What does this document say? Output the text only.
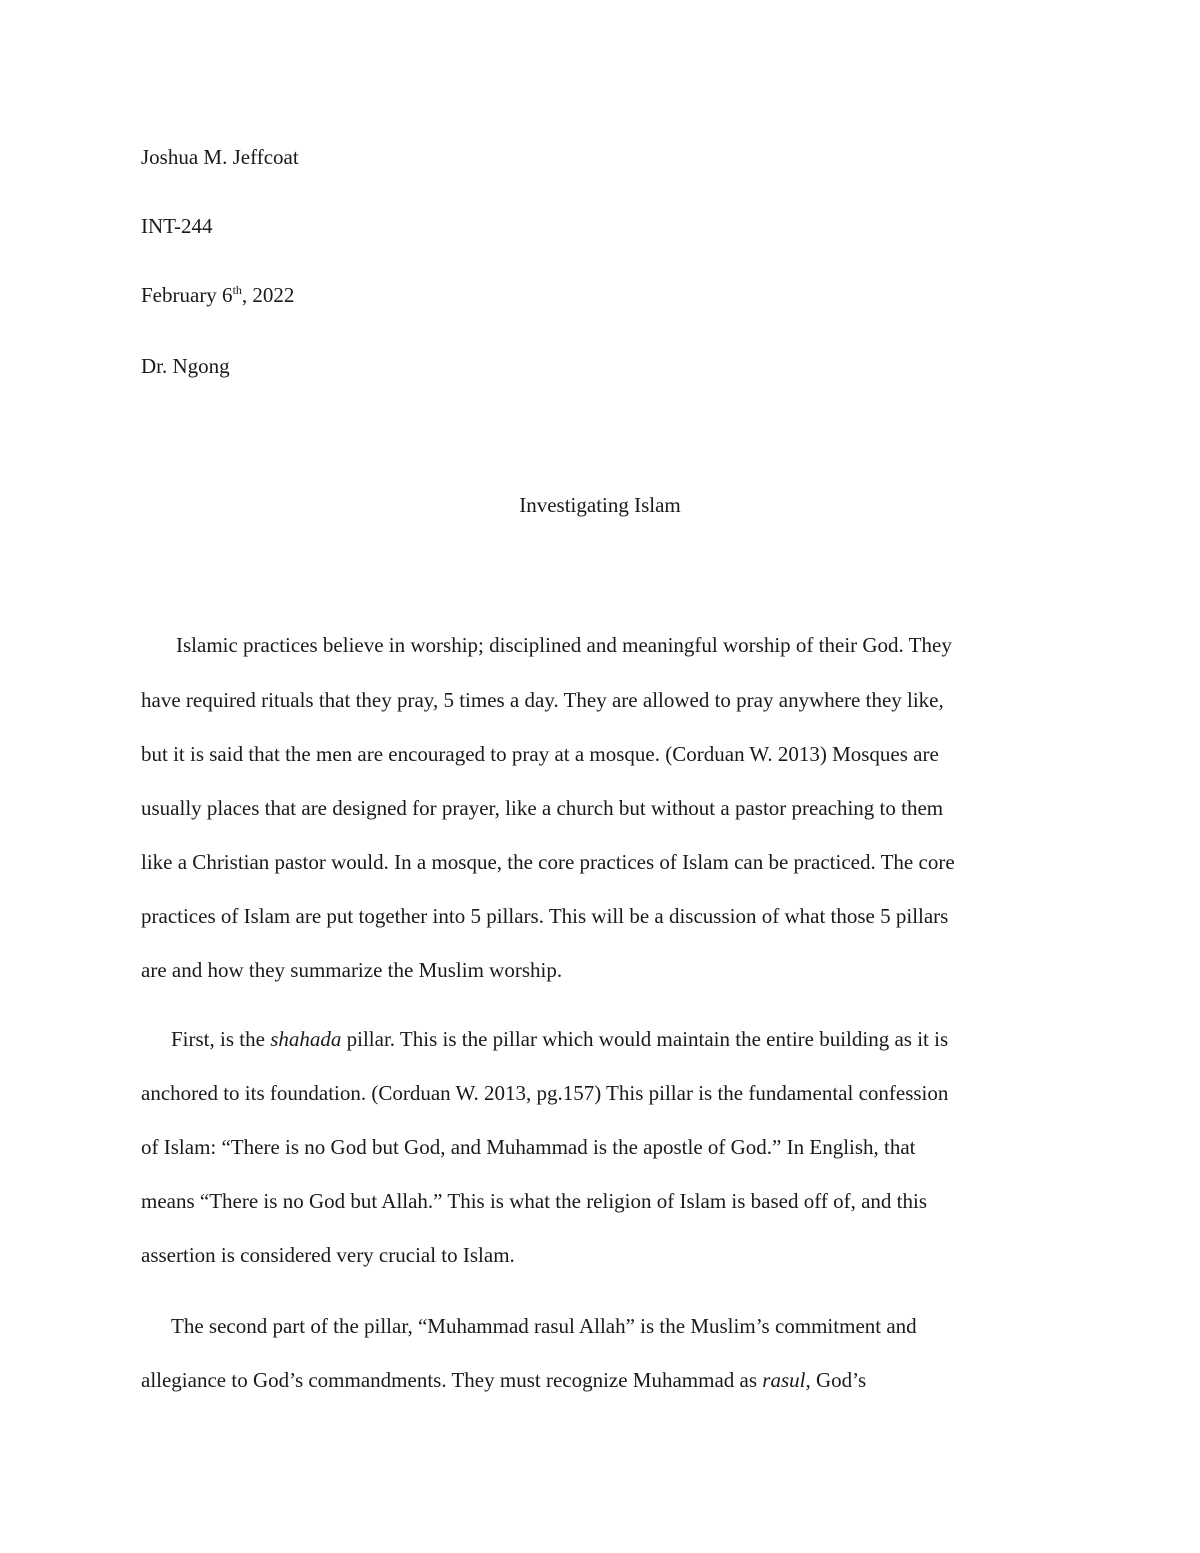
Joshua M. Jeffcoat
INT-244
February 6th, 2022
Dr. Ngong
Investigating Islam
Islamic practices believe in worship; disciplined and meaningful worship of their God. They
have required rituals that they pray, 5 times a day. They are allowed to pray anywhere they like,
but it is said that the men are encouraged to pray at a mosque. (Corduan W. 2013) Mosques are
usually places that are designed for prayer, like a church but without a pastor preaching to them
like a Christian pastor would. In a mosque, the core practices of Islam can be practiced. The core
practices of Islam are put together into 5 pillars. This will be a discussion of what those 5 pillars
are and how they summarize the Muslim worship.
First, is the shahada pillar. This is the pillar which would maintain the entire building as it is
anchored to its foundation. (Corduan W. 2013, pg.157) This pillar is the fundamental confession
of Islam: “There is no God but God, and Muhammad is the apostle of God.” In English, that
means “There is no God but Allah.” This is what the religion of Islam is based off of, and this
assertion is considered very crucial to Islam.
The second part of the pillar, “Muhammad rasul Allah” is the Muslim’s commitment and
allegiance to God’s commandments. They must recognize Muhammad as rasul, God’s
